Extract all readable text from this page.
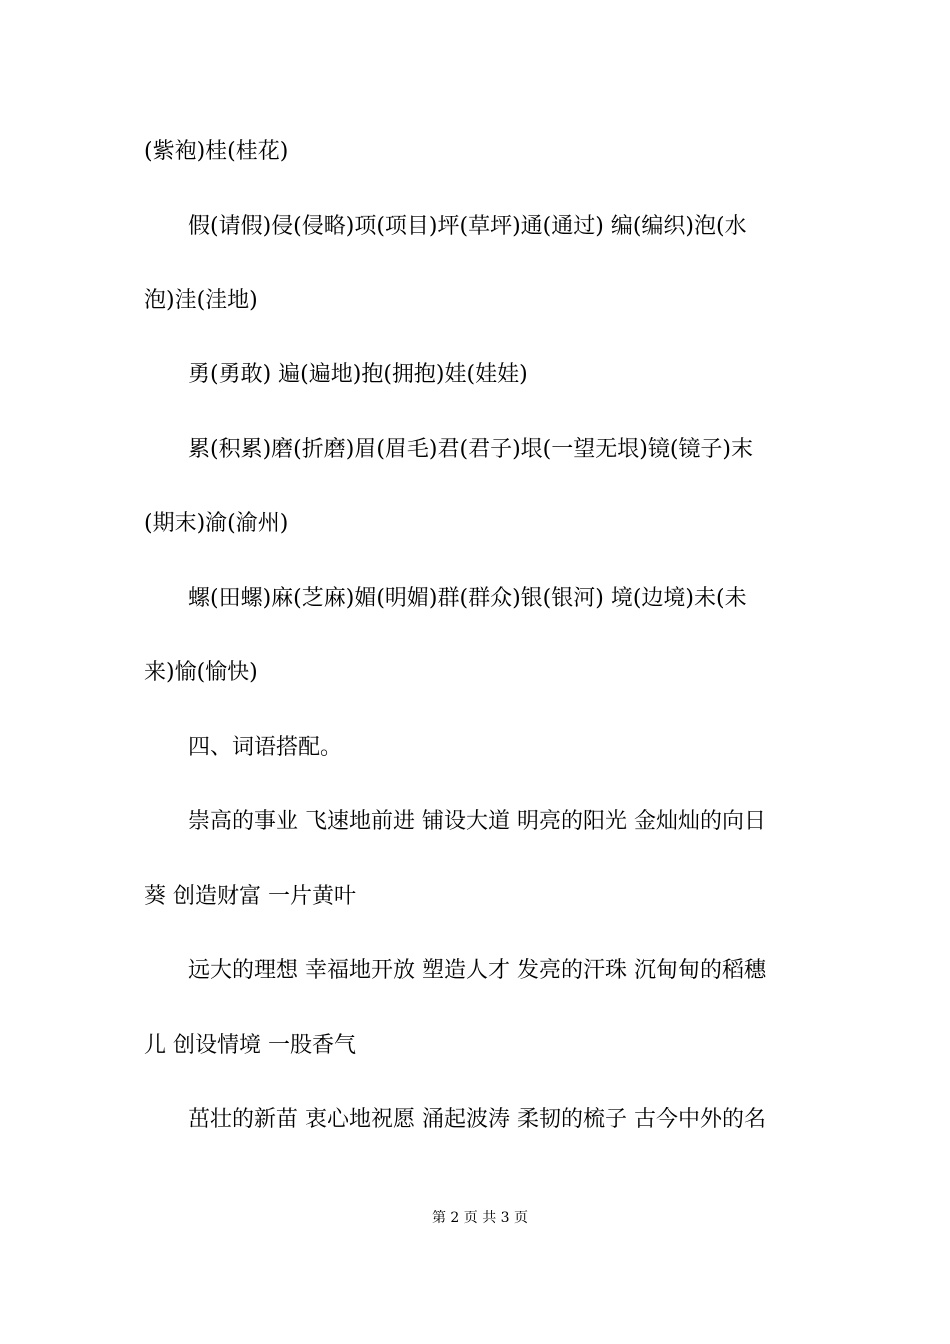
(紫袍)桂(桂花)
假(请假)侵(侵略)项(项目)坪(草坪)通(通过) 编(编织)泡(水
泡)洼(洼地)
勇(勇敢) 遍(遍地)抱(拥抱)娃(娃娃)
累(积累)磨(折磨)眉(眉毛)君(君子)垠(一望无垠)镜(镜子)末
(期末)渝(渝州)
螺(田螺)麻(芝麻)媚(明媚)群(群众)银(银河) 境(边境)未(未
来)愉(愉快)
四、词语搭配。
崇高的事业 飞速地前进 铺设大道 明亮的阳光 金灿灿的向日
葵 创造财富 一片黄叶
远大的理想 幸福地开放 塑造人才 发亮的汗珠 沉甸甸的稻穗
儿 创设情境 一股香气
茁壮的新苗 衷心地祝愿 涌起波涛 柔韧的梳子 古今中外的名
第 2 页 共 3 页
